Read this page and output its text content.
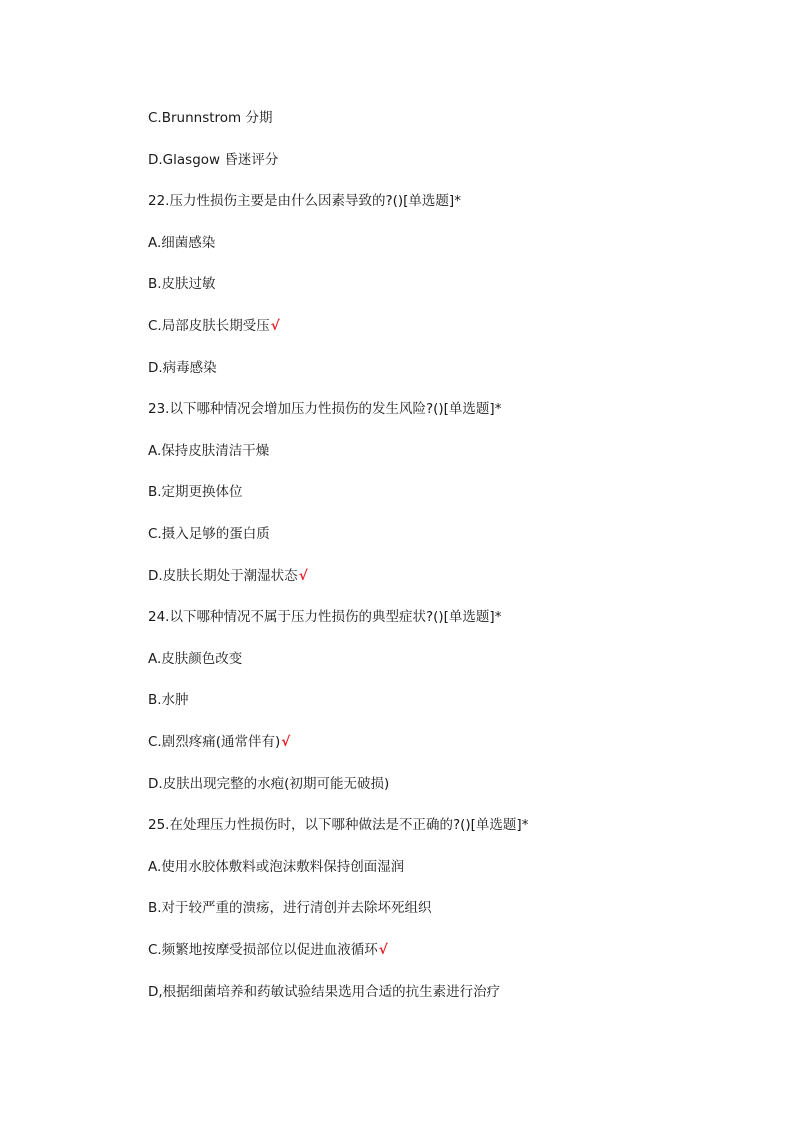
C.Brunnstrom 分期
D.Glasgow 昏迷评分
22.压力性损伤主要是由什么因素导致的?()[单选题]*
A.细菌感染
B.皮肤过敏
C.局部皮肤长期受压√
D.病毒感染
23.以下哪种情况会增加压力性损伤的发生风险?()[单选题]*
A.保持皮肤清洁干燥
B.定期更换体位
C.摄入足够的蛋白质
D.皮肤长期处于潮湿状态√
24.以下哪种情况不属于压力性损伤的典型症状?()[单选题]*
A.皮肤颜色改变
B.水肿
C.剧烈疼痛(通常伴有)√
D.皮肤出现完整的水疱(初期可能无破损)
25.在处理压力性损伤时，以下哪种做法是不正确的?()[单选题]*
A.使用水胶体敷料或泡沫敷料保持创面湿润
B.对于较严重的溃疡，进行清创并去除坏死组织
C.频繁地按摩受损部位以促进血液循环√
D,根据细菌培养和药敏试验结果选用合适的抗生素进行治疗
